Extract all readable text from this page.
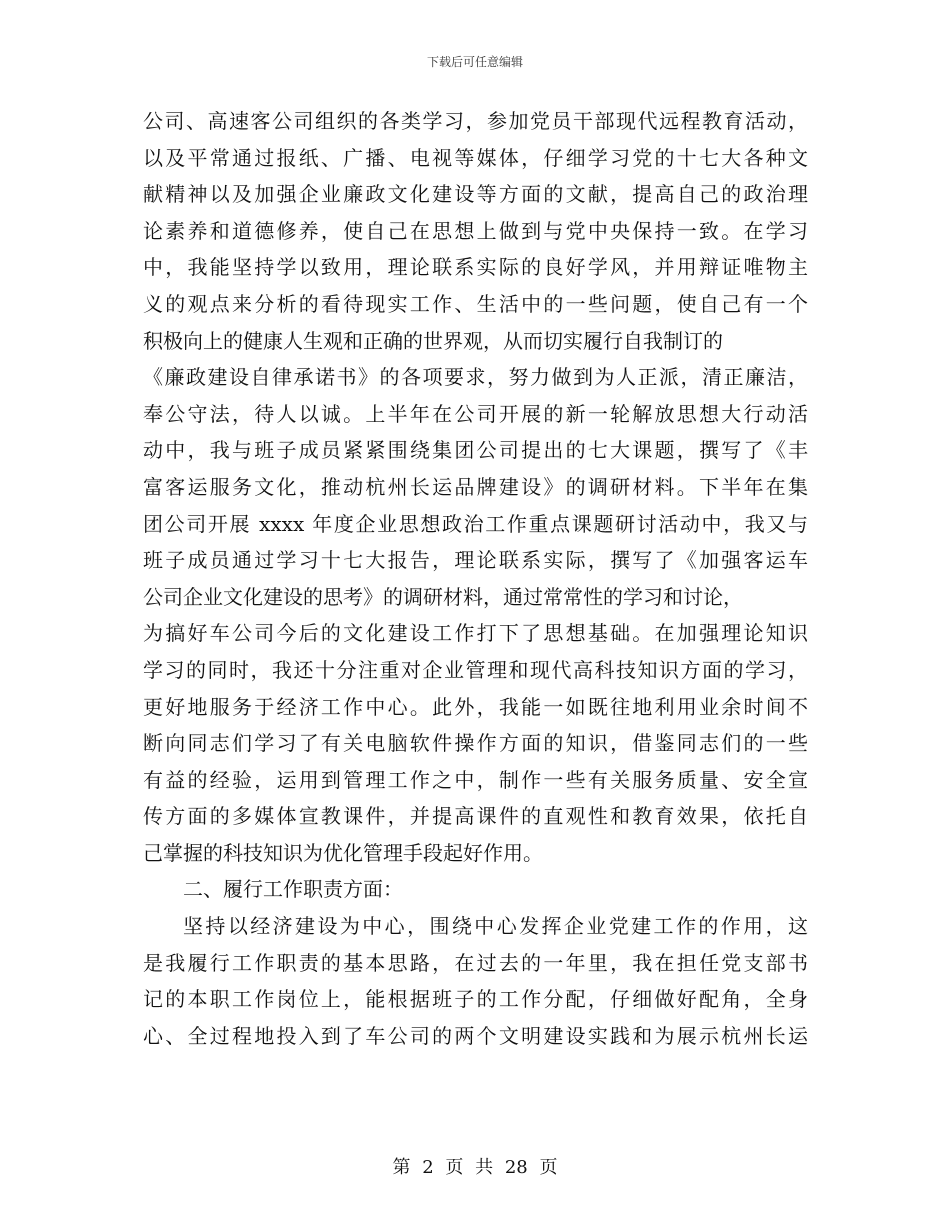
下载后可任意编辑
公司、高速客公司组织的各类学习，参加党员干部现代远程教育活动，
以及平常通过报纸、广播、电视等媒体，仔细学习党的十七大各种文
献精神以及加强企业廉政文化建设等方面的文献，提高自己的政治理
论素养和道德修养，使自己在思想上做到与党中央保持一致。在学习
中，我能坚持学以致用，理论联系实际的良好学风，并用辩证唯物主
义的观点来分析的看待现实工作、生活中的一些问题，使自己有一个
积极向上的健康人生观和正确的世界观，从而切实履行自我制订的
《廉政建设自律承诺书》的各项要求，努力做到为人正派，清正廉洁，
奉公守法，待人以诚。上半年在公司开展的新一轮解放思想大行动活
动中，我与班子成员紧紧围绕集团公司提出的七大课题，撰写了《丰
富客运服务文化，推动杭州长运品牌建设》的调研材料。下半年在集
团公司开展 xxxx 年度企业思想政治工作重点课题研讨活动中，我又与
班子成员通过学习十七大报告，理论联系实际，撰写了《加强客运车
公司企业文化建设的思考》的调研材料，通过常常性的学习和讨论，
为搞好车公司今后的文化建设工作打下了思想基础。在加强理论知识
学习的同时，我还十分注重对企业管理和现代高科技知识方面的学习，
更好地服务于经济工作中心。此外，我能一如既往地利用业余时间不
断向同志们学习了有关电脑软件操作方面的知识，借鉴同志们的一些
有益的经验，运用到管理工作之中，制作一些有关服务质量、安全宣
传方面的多媒体宣教课件，并提高课件的直观性和教育效果，依托自
己掌握的科技知识为优化管理手段起好作用。
二、履行工作职责方面：
坚持以经济建设为中心，围绕中心发挥企业党建工作的作用，这
是我履行工作职责的基本思路，在过去的一年里，我在担任党支部书
记的本职工作岗位上，能根据班子的工作分配，仔细做好配角，全身
心、全过程地投入到了车公司的两个文明建设实践和为展示杭州长运
第 2 页 共 28 页
